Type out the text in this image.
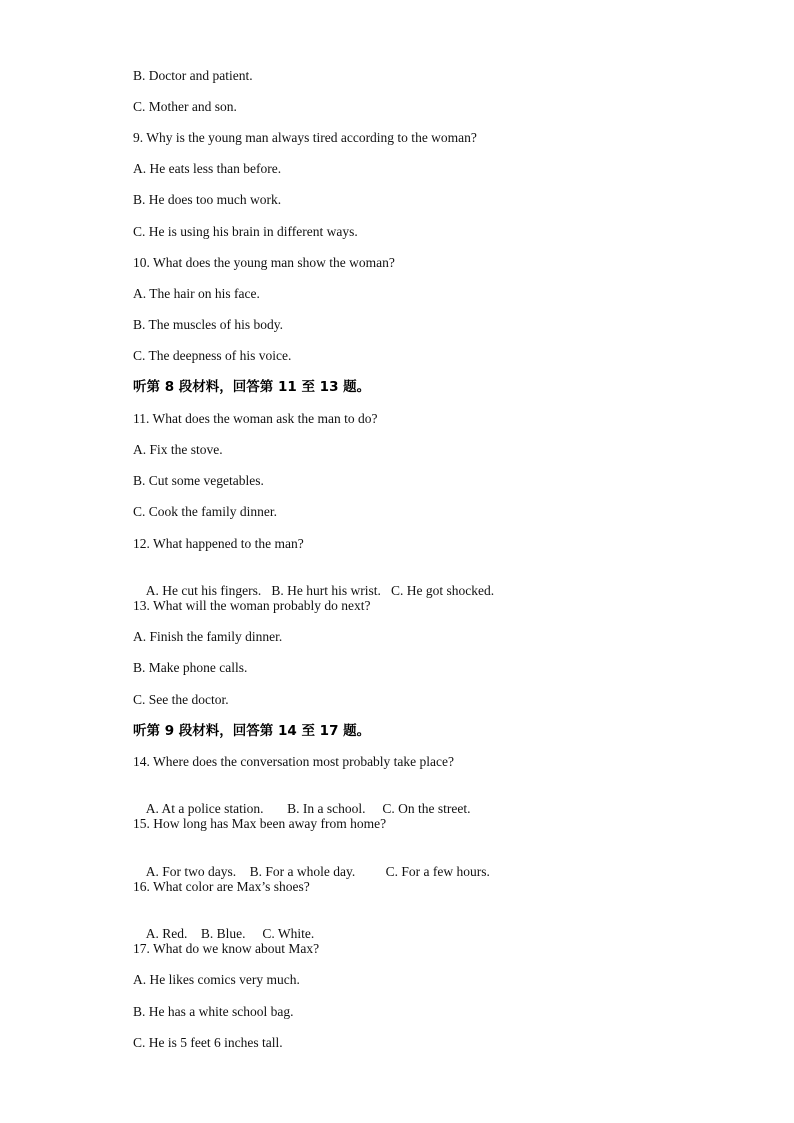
B. Doctor and patient.
C. Mother and son.
9. Why is the young man always tired according to the woman?
A. He eats less than before.
B. He does too much work.
C. He is using his brain in different ways.
10. What does the young man show the woman?
A. The hair on his face.
B. The muscles of his body.
C. The deepness of his voice.
听第 8 段材料，回答第 11 至 13 题。
11. What does the woman ask the man to do?
A. Fix the stove.
B. Cut some vegetables.
C. Cook the family dinner.
12. What happened to the man?

A. He cut his fingers. B. He hurt his wrist. C. He got shocked.

13. What will the woman probably do next?
A. Finish the family dinner.
B. Make phone calls.
C. See the doctor.
听第 9 段材料，回答第 14 至 17 题。
14. Where does the conversation most probably take place?

A. At a police station. B. In a school. C. On the street.

15. How long has Max been away from home?

A. For two days. B. For a whole day. C. For a few hours.

16. What color are Max’s shoes?

A. Red. B. Blue. C. White.

17. What do we know about Max?
A. He likes comics very much.
B. He has a white school bag.
C. He is 5 feet 6 inches tall.
